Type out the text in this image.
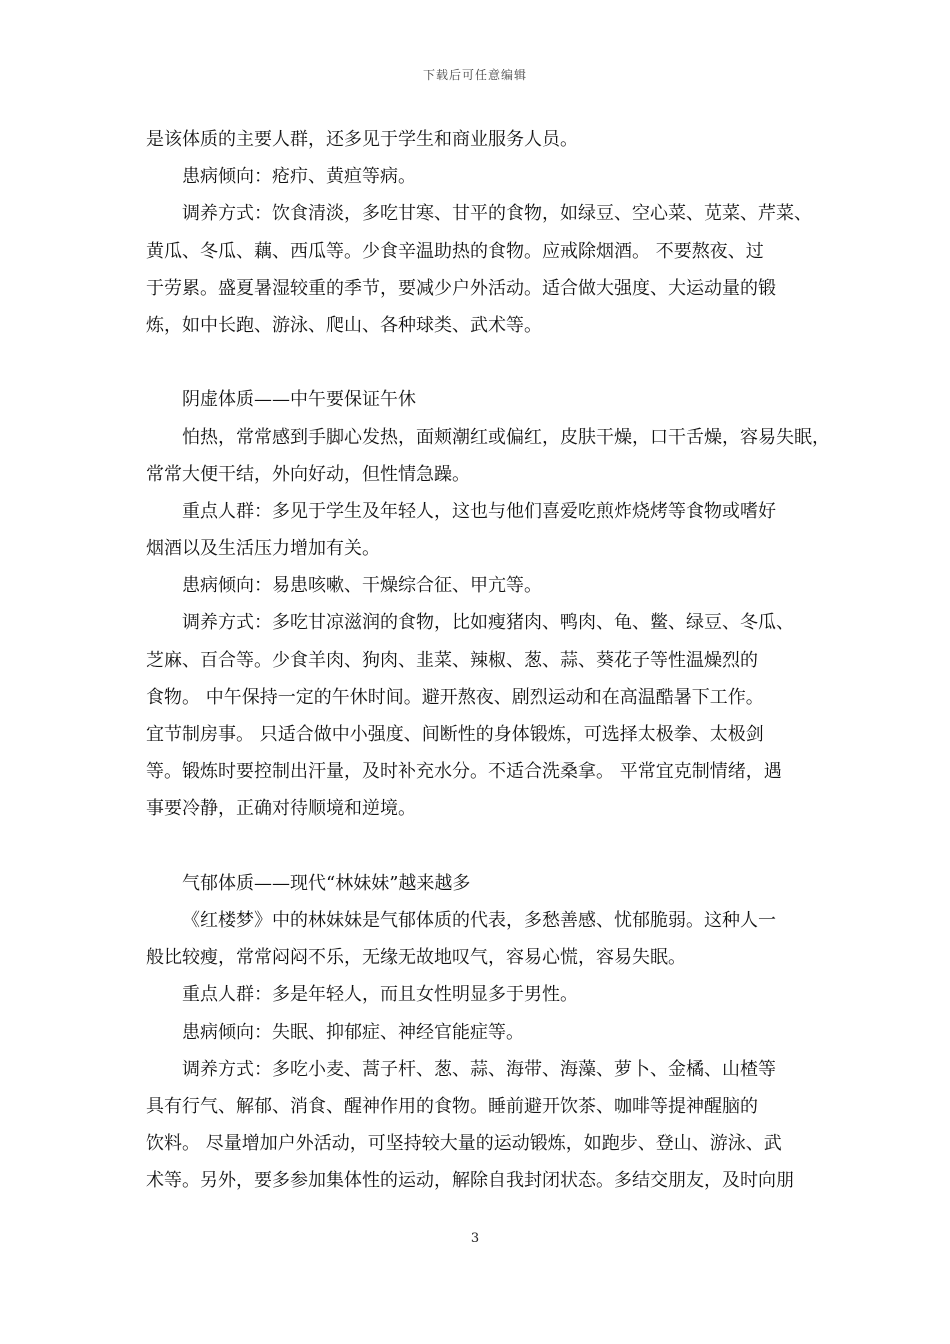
下载后可任意编辑
是该体质的主要人群，还多见于学生和商业服务人员。
患病倾向：疮疖、黄疸等病。
调养方式：饮食清淡，多吃甘寒、甘平的食物，如绿豆、空心菜、苋菜、芹菜、
黄瓜、冬瓜、藕、西瓜等。少食辛温助热的食物。应戒除烟酒。 不要熬夜、过
于劳累。盛夏暑湿较重的季节，要减少户外活动。适合做大强度、大运动量的锻
炼，如中长跑、游泳、爬山、各种球类、武术等。
阴虚体质——中午要保证午休
怕热，常常感到手脚心发热，面颊潮红或偏红，皮肤干燥，口干舌燥，容易失眠，
常常大便干结，外向好动，但性情急躁。
重点人群：多见于学生及年轻人，这也与他们喜爱吃煎炸烧烤等食物或嗜好
烟酒以及生活压力增加有关。
患病倾向：易患咳嗽、干燥综合征、甲亢等。
调养方式：多吃甘凉滋润的食物，比如瘦猪肉、鸭肉、龟、鳖、绿豆、冬瓜、
芝麻、百合等。少食羊肉、狗肉、韭菜、辣椒、葱、蒜、葵花子等性温燥烈的
食物。 中午保持一定的午休时间。避开熬夜、剧烈运动和在高温酷暑下工作。
宜节制房事。 只适合做中小强度、间断性的身体锻炼，可选择太极拳、太极剑
等。锻炼时要控制出汗量，及时补充水分。不适合洗桑拿。 平常宜克制情绪，遇
事要冷静，正确对待顺境和逆境。
气郁体质——现代“林妹妹”越来越多
《红楼梦》中的林妹妹是气郁体质的代表，多愁善感、忧郁脆弱。这种人一
般比较瘦，常常闷闷不乐，无缘无故地叹气，容易心慌，容易失眠。
重点人群：多是年轻人，而且女性明显多于男性。
患病倾向：失眠、抑郁症、神经官能症等。
调养方式：多吃小麦、蒿子杆、葱、蒜、海带、海藻、萝卜、金橘、山楂等
具有行气、解郁、消食、醒神作用的食物。睡前避开饮茶、咖啡等提神醒脑的
饮料。 尽量增加户外活动，可坚持较大量的运动锻炼，如跑步、登山、游泳、武
术等。另外，要多参加集体性的运动，解除自我封闭状态。多结交朋友，及时向朋
3
